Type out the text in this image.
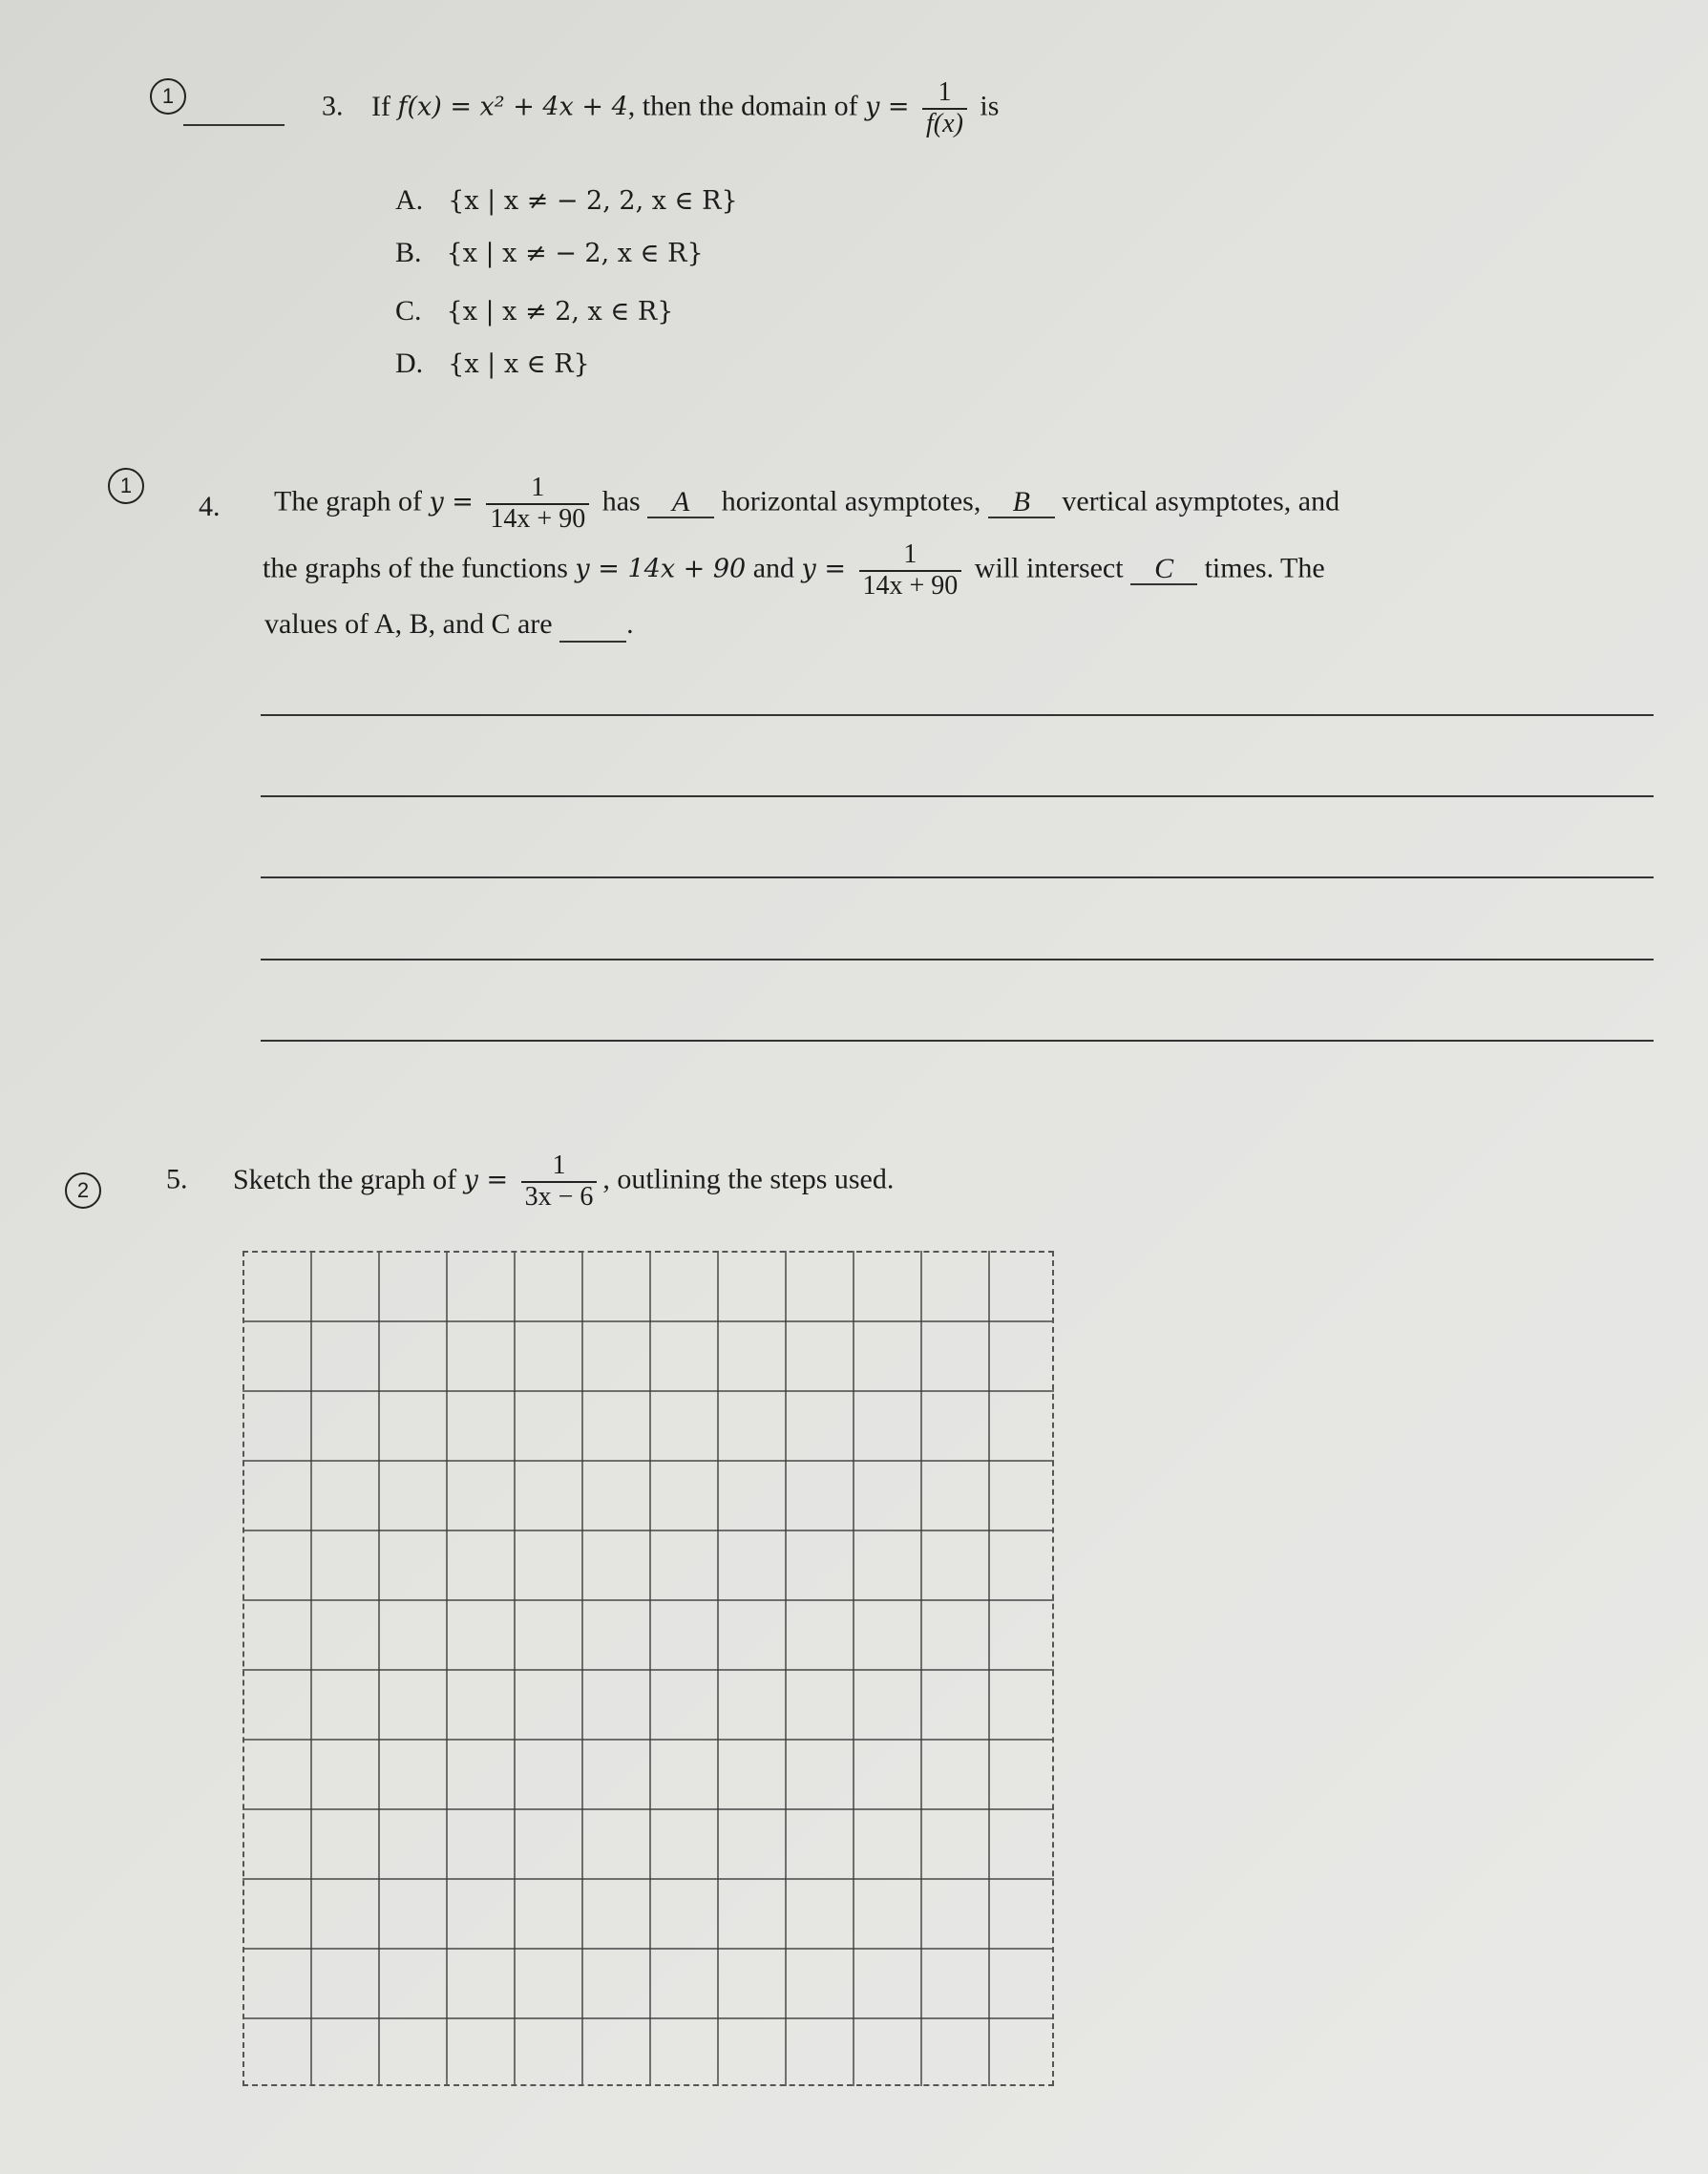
1	3. If f(x) = x² + 4x + 4, then the domain of $y = \frac{1}{f(x)}$ is
A. {x | x ≠ − 2, 2, x ∈ R}
B. {x | x ≠ − 2, x ∈ R}
C. {x | x ≠ 2, x ∈ R}
D. {x | x ∈ R}
1
4. The graph of $y = \frac{1}{14x + 90}$ has A horizontal asymptotes, B vertical asymptotes, and
the graphs of the functions y = 14x + 90 and $y = \frac{1}{14x + 90}$ will intersect C times. The
values of A, B, and C are	.
2	5. Sketch the graph of $y = \frac{1}{3x - 6}$ , outlining the steps used.
